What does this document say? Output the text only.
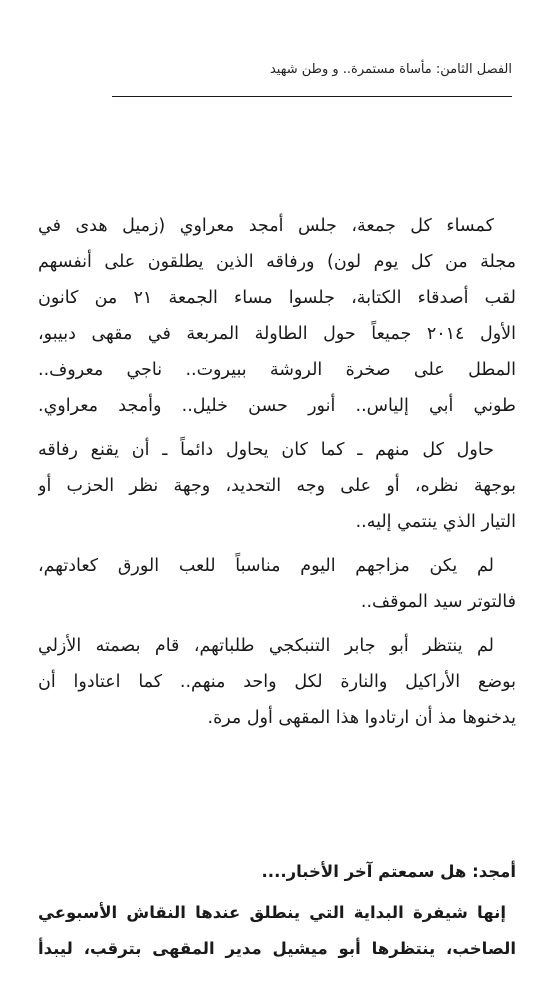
الفصل الثامن: مأساة مستمرة.. و وطن شهيد

كمساء كل جمعة، جلس أمجد معراوي (زميل هدى في
مجلة من كل يوم لون) ورفاقه الذين يطلقون على أنفسهم
لقب أصدقاء الكتابة، جلسوا مساء الجمعة ٢١ من كانون
الأول ٢٠١٤ جميعاً حول الطاولة المربعة في مقهى دبيبو،
المطل على صخرة الروشة ببيروت.. ناجي معروف..
طوني أبي إلياس.. أنور حسن خليل.. وأمجد معراوي.

حاول كل منهم ـ كما كان يحاول دائماً ـ أن يقنع رفاقه
بوجهة نظره، أو على وجه التحديد، وجهة نظر الحزب أو
التيار الذي ينتمي إليه..

لم يكن مزاجهم اليوم مناسباً للعب الورق كعادتهم،
فالتوتر سيد الموقف..

لم ينتظر أبو جابر التنبكجي طلباتهم، قام بصمته الأزلي
بوضع الأراكيل والنارة لكل واحد منهم.. كما اعتادوا أن
يدخنوها مذ أن ارتادوا هذا المقهى أول مرة.

أمجد: هل سمعتم آخر الأخبار....
إنها شيفرة البداية التي ينطلق عندها النقاش الأسبوعي
الصاخب، ينتظرها أبو ميشيل مدير المقهى بترقب، ليبدأ
